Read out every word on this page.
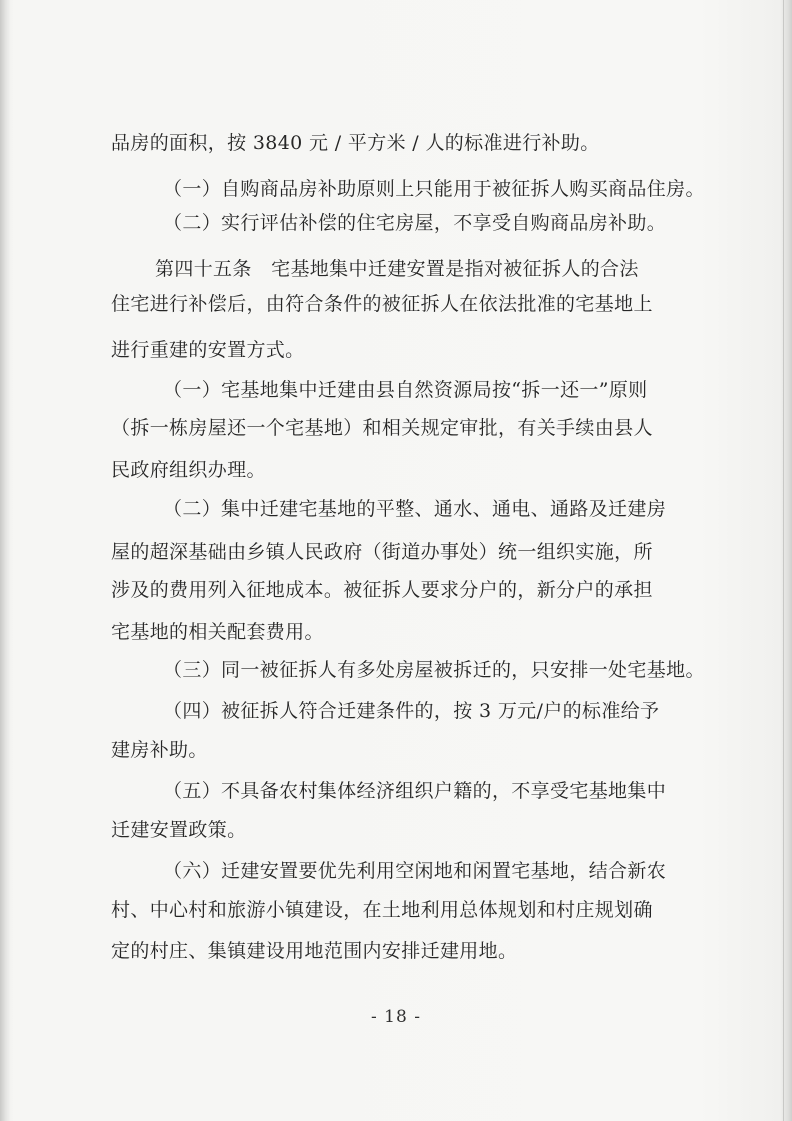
品房的面积，按 3840 元 / 平方米 / 人的标准进行补助。
（一）自购商品房补助原则上只能用于被征拆人购买商品住房。
（二）实行评估补偿的住宅房屋，不享受自购商品房补助。
第四十五条　宅基地集中迁建安置是指对被征拆人的合法
住宅进行补偿后，由符合条件的被征拆人在依法批准的宅基地上
进行重建的安置方式。
（一）宅基地集中迁建由县自然资源局按“拆一还一”原则
（拆一栋房屋还一个宅基地）和相关规定审批，有关手续由县人
民政府组织办理。
（二）集中迁建宅基地的平整、通水、通电、通路及迁建房
屋的超深基础由乡镇人民政府（街道办事处）统一组织实施，所
涉及的费用列入征地成本。被征拆人要求分户的，新分户的承担
宅基地的相关配套费用。
（三）同一被征拆人有多处房屋被拆迁的，只安排一处宅基地。
（四）被征拆人符合迁建条件的，按 3 万元/户的标准给予
建房补助。
（五）不具备农村集体经济组织户籍的，不享受宅基地集中
迁建安置政策。
（六）迁建安置要优先利用空闲地和闲置宅基地，结合新农
村、中心村和旅游小镇建设，在土地利用总体规划和村庄规划确
定的村庄、集镇建设用地范围内安排迁建用地。
- 18 -
